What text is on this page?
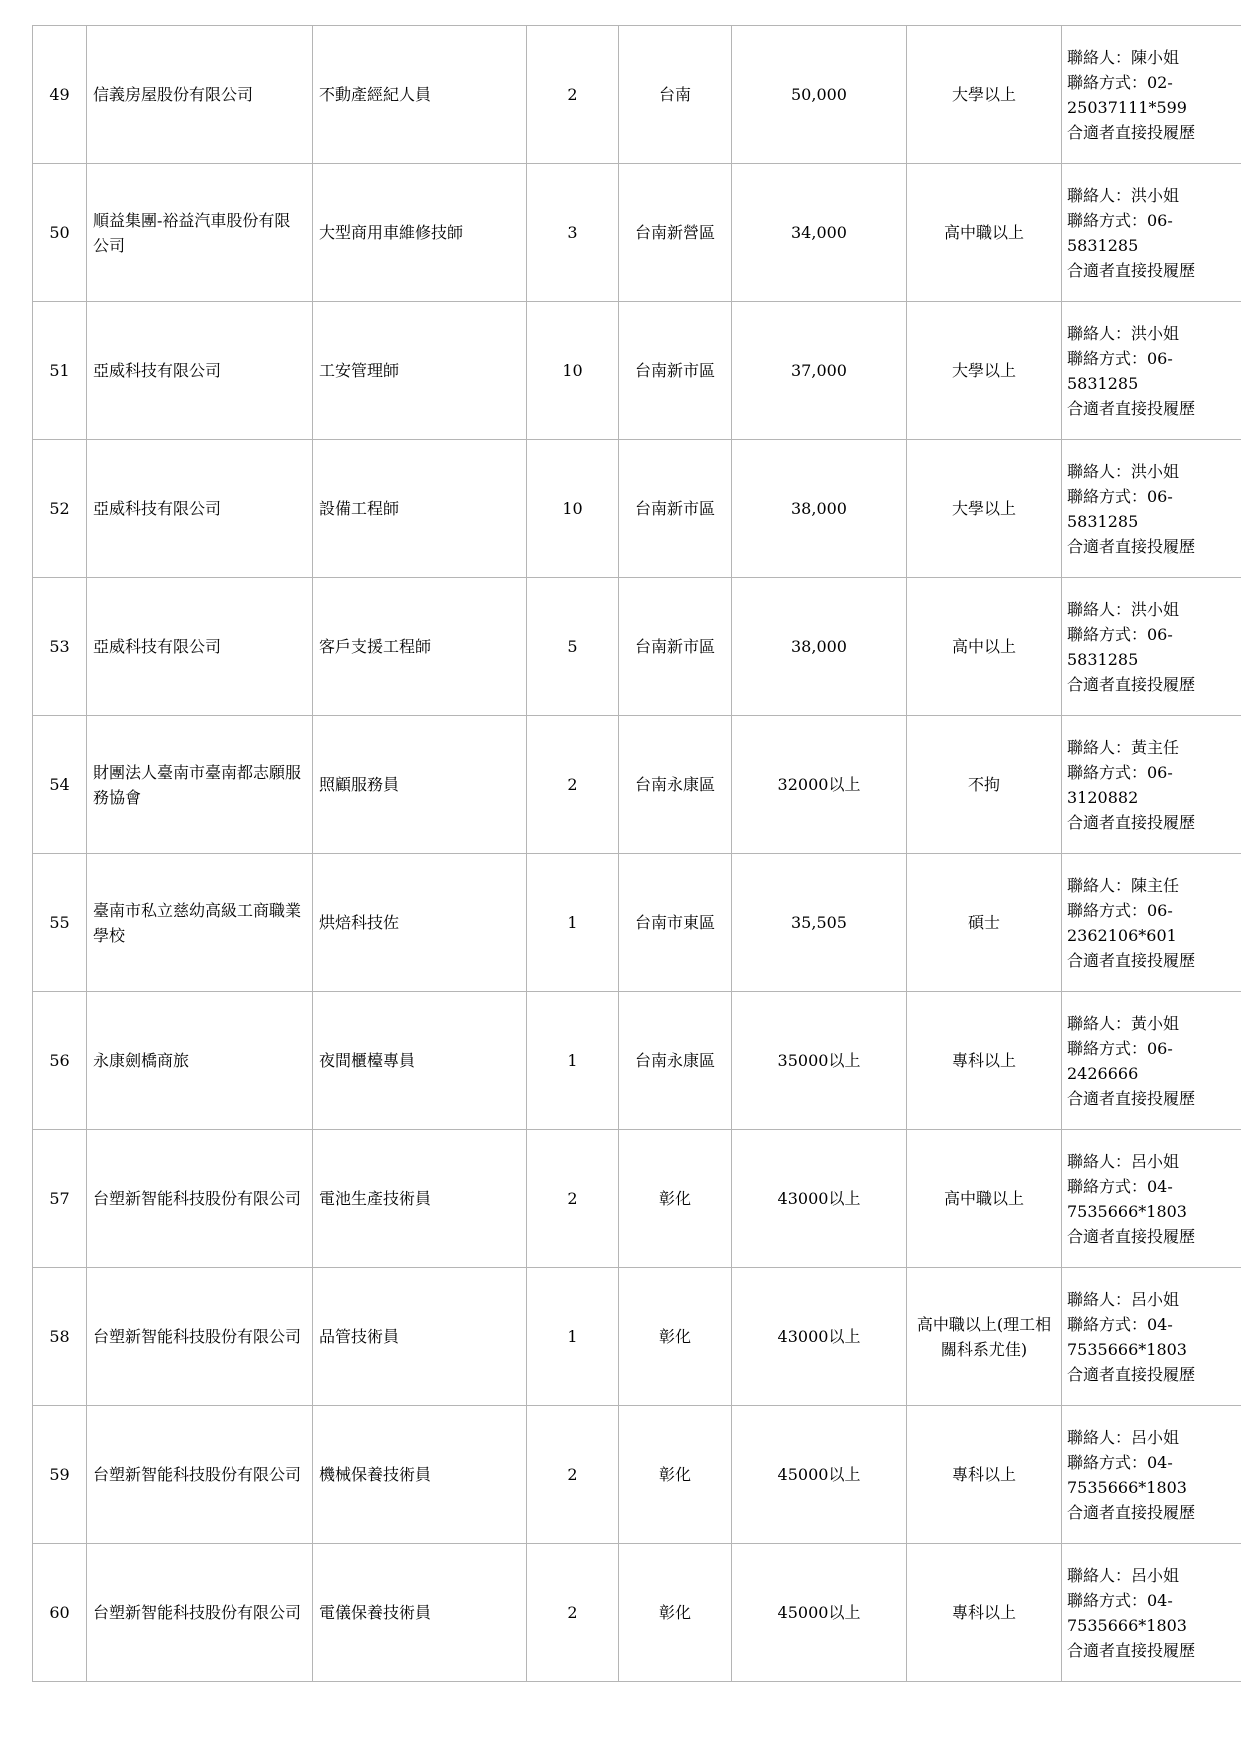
49	信義房屋股份有限公司	不動產經紀人員	2	台南	50,000	大學以上	聯絡人：陳小姐
聯絡方式：02-
25037111*599
合適者直接投履歷

50	順益集團-裕益汽車股份有限公司	大型商用車維修技師	3	台南新營區	34,000	高中職以上	聯絡人：洪小姐
聯絡方式：06-
5831285
合適者直接投履歷

51	亞威科技有限公司	工安管理師	10	台南新市區	37,000	大學以上	聯絡人：洪小姐
聯絡方式：06-
5831285
合適者直接投履歷

52	亞威科技有限公司	設備工程師	10	台南新市區	38,000	大學以上	聯絡人：洪小姐
聯絡方式：06-
5831285
合適者直接投履歷

53	亞威科技有限公司	客戶支援工程師	5	台南新市區	38,000	高中以上	聯絡人：洪小姐
聯絡方式：06-
5831285
合適者直接投履歷

54	財團法人臺南市臺南都志願服務協會	照顧服務員	2	台南永康區	32000以上	不拘	聯絡人：黃主任
聯絡方式：06-
3120882
合適者直接投履歷

55	臺南市私立慈幼高級工商職業學校	烘焙科技佐	1	台南市東區	35,505	碩士	聯絡人：陳主任
聯絡方式：06-
2362106*601
合適者直接投履歷

56	永康劍橋商旅	夜間櫃檯專員	1	台南永康區	35000以上	專科以上	聯絡人：黃小姐
聯絡方式：06-
2426666
合適者直接投履歷

57	台塑新智能科技股份有限公司	電池生產技術員	2	彰化	43000以上	高中職以上	聯絡人：呂小姐
聯絡方式：04-
7535666*1803
合適者直接投履歷

58	台塑新智能科技股份有限公司	品管技術員	1	彰化	43000以上	高中職以上(理工相關科系尤佳)	聯絡人：呂小姐
聯絡方式：04-
7535666*1803
合適者直接投履歷

59	台塑新智能科技股份有限公司	機械保養技術員	2	彰化	45000以上	專科以上	聯絡人：呂小姐
聯絡方式：04-
7535666*1803
合適者直接投履歷

60	台塑新智能科技股份有限公司	電儀保養技術員	2	彰化	45000以上	專科以上	聯絡人：呂小姐
聯絡方式：04-
7535666*1803
合適者直接投履歷
